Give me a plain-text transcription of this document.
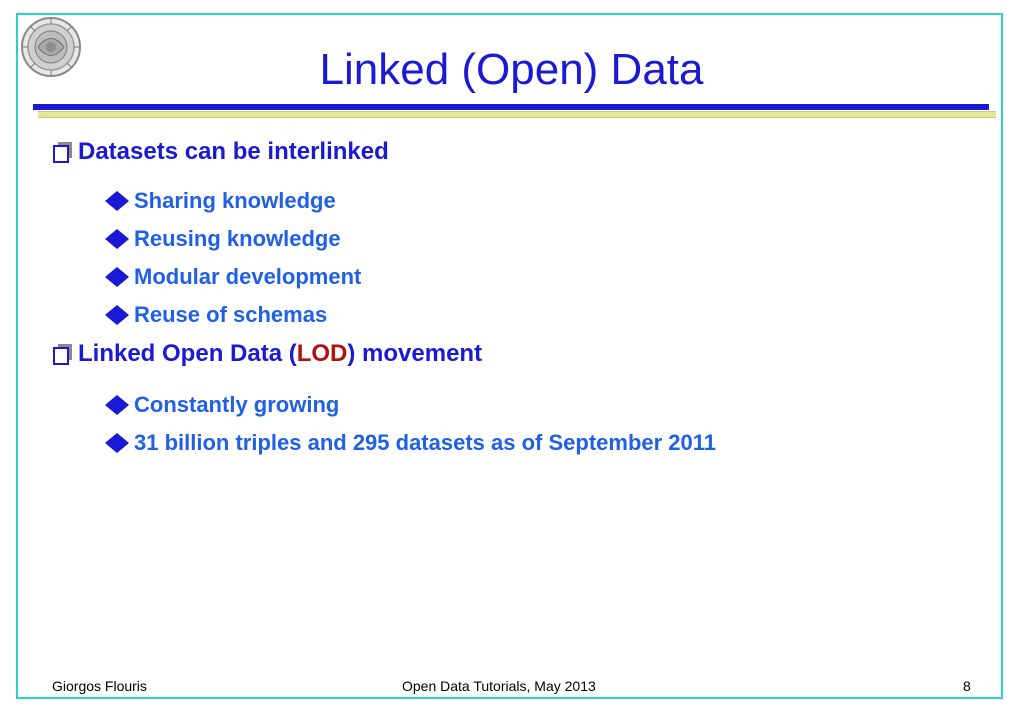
Linked (Open) Data
Datasets can be interlinked
Sharing knowledge
Reusing knowledge
Modular development
Reuse of schemas
Linked Open Data ( LOD ) movement
Constantly growing
31 billion triples and 295 datasets as of September 2011
Giorgos Flouris	Open Data Tutorials, May 2013	8
